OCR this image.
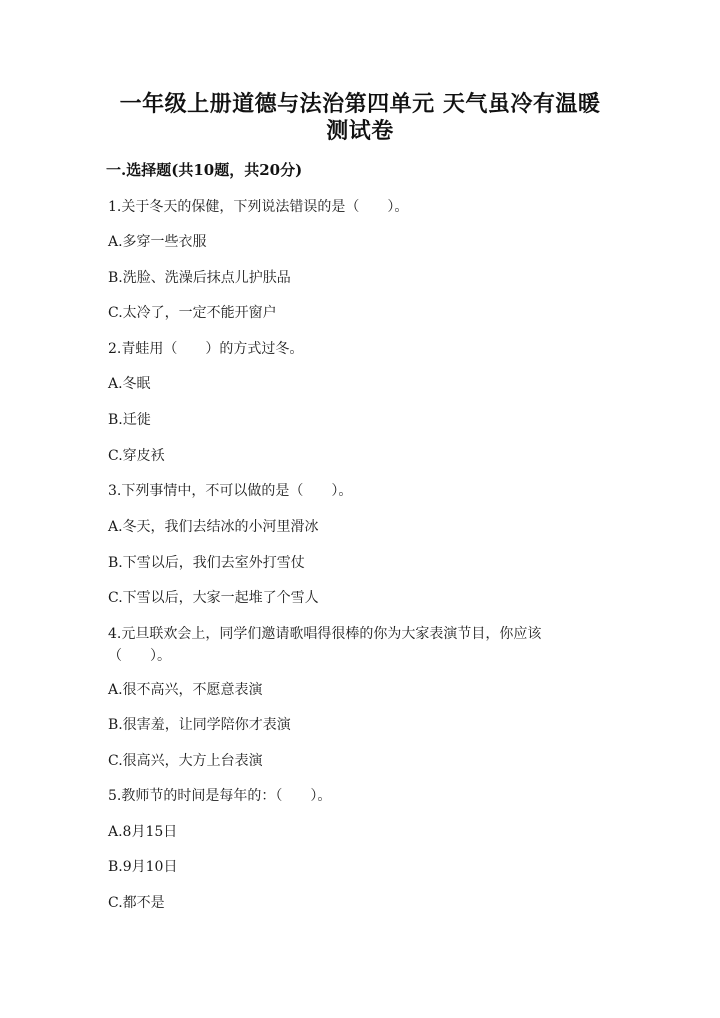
一年级上册道德与法治第四单元 天气虽冷有温暖
测试卷
一.选择题(共10题，共20分)
1.关于冬天的保健，下列说法错误的是（　　）。
A.多穿一些衣服
B.洗脸、洗澡后抹点儿护肤品
C.太冷了，一定不能开窗户
2.青蛙用（　　）的方式过冬。
A.冬眠
B.迁徙
C.穿皮袄
3.下列事情中，不可以做的是（　　）。
A.冬天，我们去结冰的小河里滑冰
B.下雪以后，我们去室外打雪仗
C.下雪以后，大家一起堆了个雪人
4.元旦联欢会上，同学们邀请歌唱得很棒的你为大家表演节目，你应该（　　）。
A.很不高兴，不愿意表演
B.很害羞，让同学陪你才表演
C.很高兴，大方上台表演
5.教师节的时间是每年的：（　　）。
A.8月15日
B.9月10日
C.都不是
